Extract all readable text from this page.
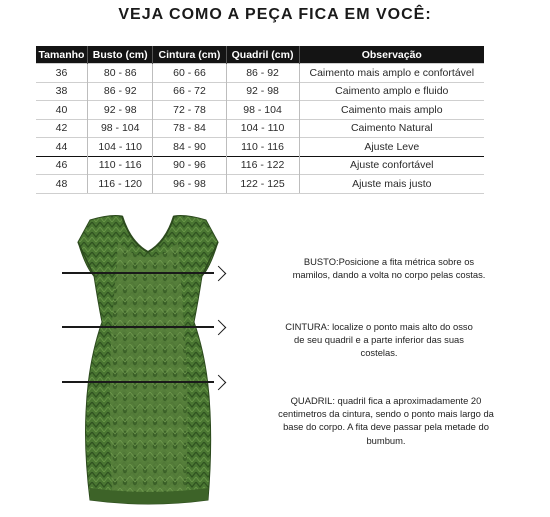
VEJA COMO A PEÇA FICA EM VOCÊ:
Tamanho	Busto (cm)	Cintura (cm)	Quadril (cm)	Observação
36	80 - 86	60 - 66	86 - 92	Caimento mais amplo e confortável
38	86 - 92	66 - 72	92 - 98	Caimento amplo e fluido
40	92 - 98	72 - 78	98 - 104	Caimento mais amplo
42	98 - 104	78 - 84	104 - 110	Caimento Natural
44	104 - 110	84 - 90	110 - 116	Ajuste Leve
46	110 - 116	90 - 96	116 - 122	Ajuste confortável
48	116 - 120	96 - 98	122 - 125	Ajuste mais justo
BUSTO:Posicione a fita métrica sobre os
mamilos, dando a volta no corpo pelas costas.
CINTURA: localize o ponto mais alto do osso
de seu quadril e a parte inferior das suas
costelas.
QUADRIL: quadril fica a aproximadamente 20
centimetros da cintura, sendo o ponto mais largo da
base do corpo. A fita deve passar pela metade do
bumbum.
